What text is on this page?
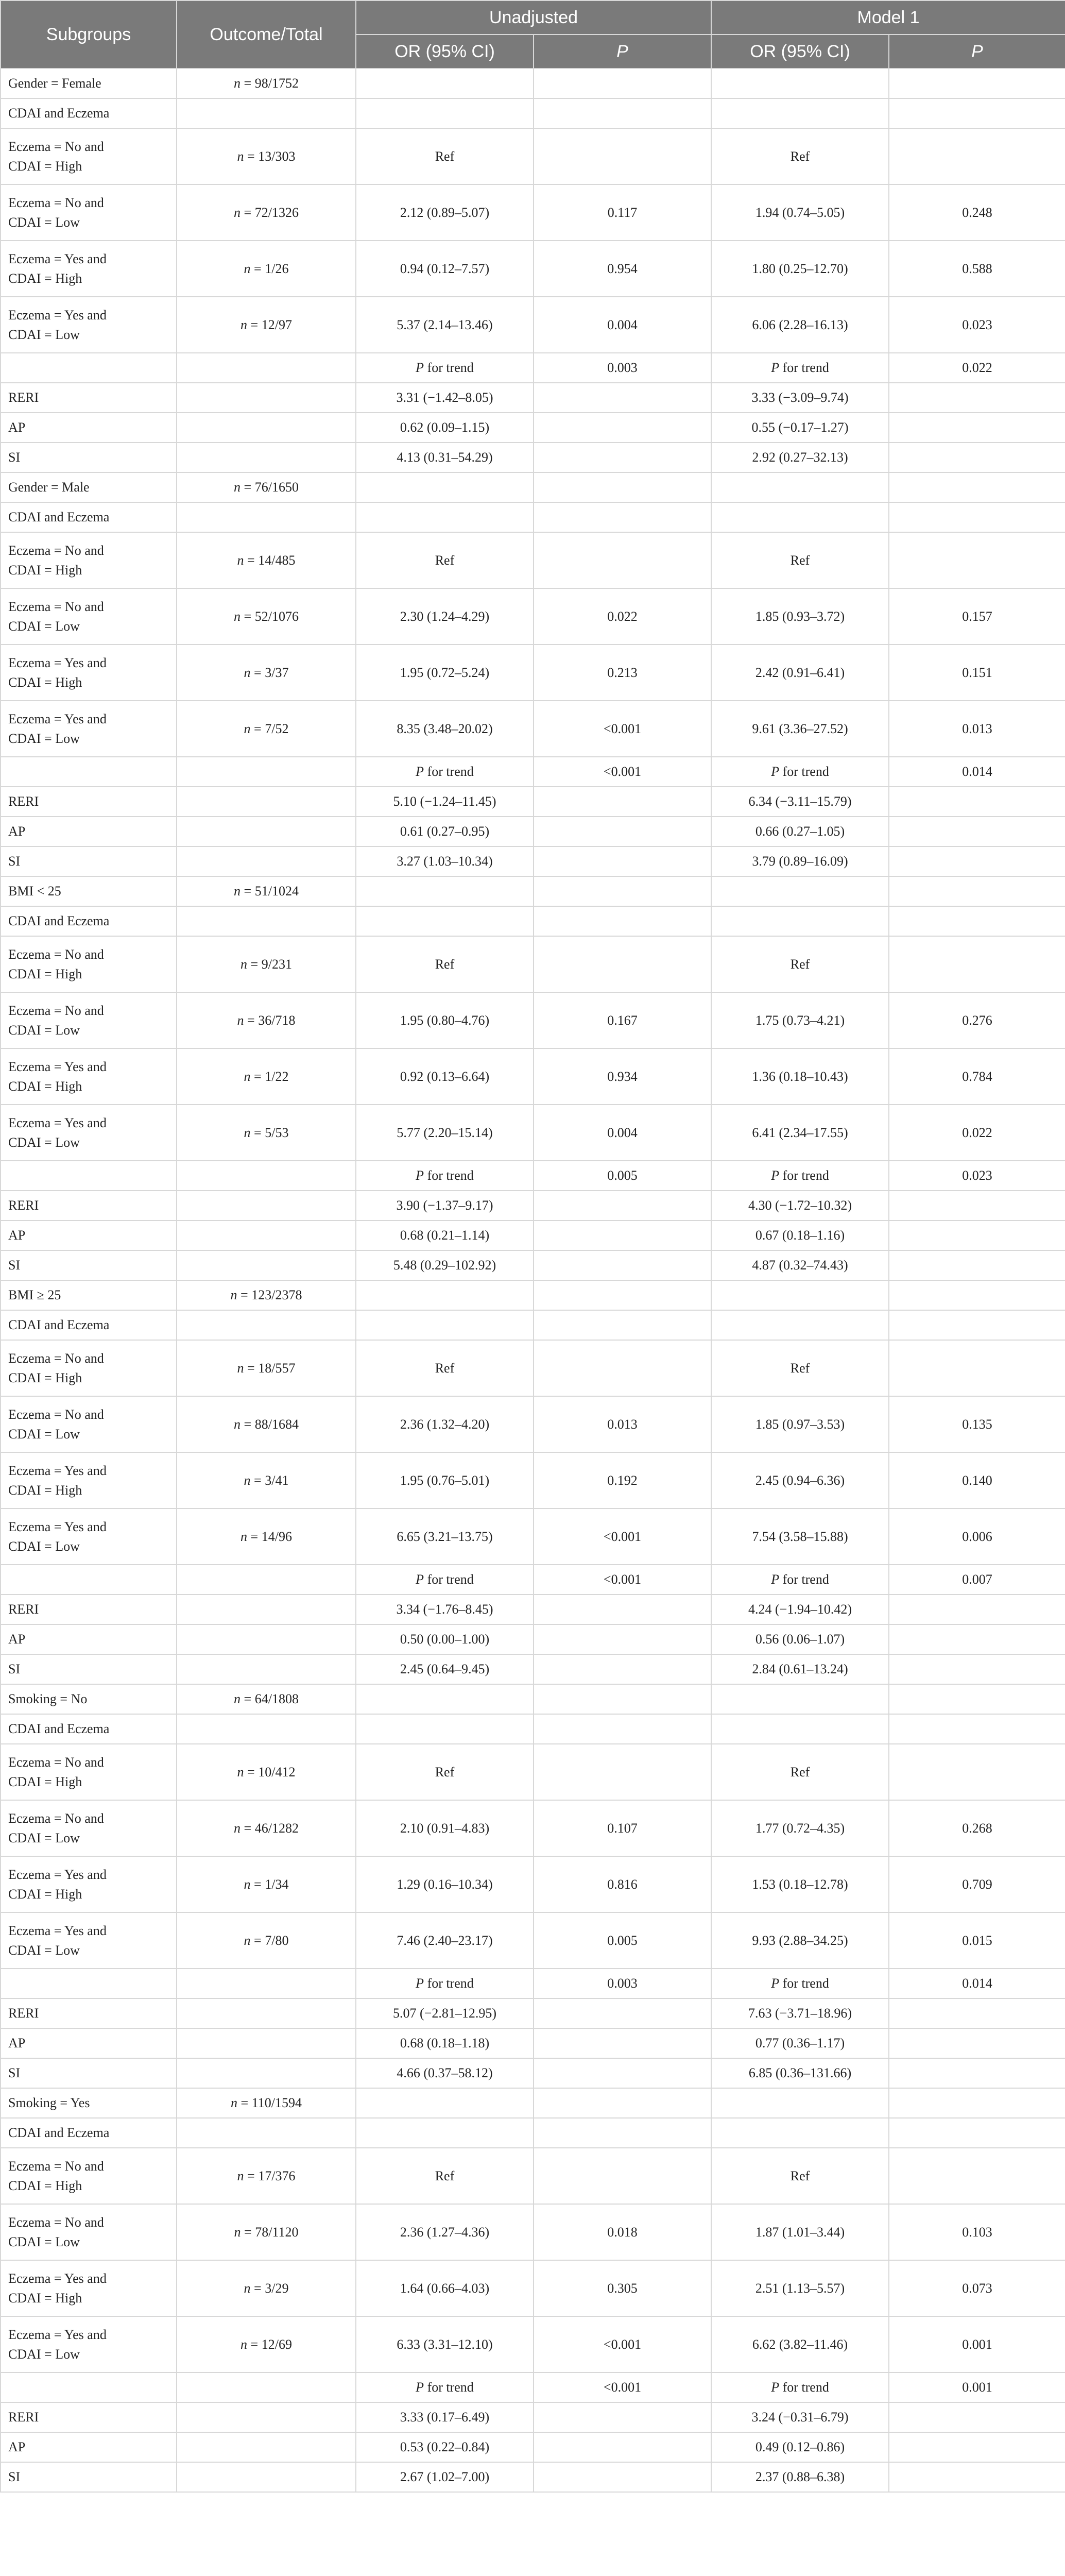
Subgroups	Outcome/Total	Unadjusted		Model 1	
		OR (95% CI)	P	OR (95% CI)	P
Gender = Female	n = 98/1752				
CDAI and Eczema					

Eczema = No and
CDAI = High	n = 13/303	Ref		Ref	

Eczema = No and
CDAI = Low	n = 72/1326	2.12 (0.89–5.07)	0.117	1.94 (0.74–5.05)	0.248

Eczema = Yes and
CDAI = High	n = 1/26	0.94 (0.12–7.57)	0.954	1.80 (0.25–12.70)	0.588

Eczema = Yes and
CDAI = Low	n = 12/97	5.37 (2.14–13.46)	0.004	6.06 (2.28–16.13)	0.023
		P for trend	0.003	P for trend	0.022
RERI		3.31 (−1.42–8.05)		3.33 (−3.09–9.74)	
AP		0.62 (0.09–1.15)		0.55 (−0.17–1.27)	
SI		4.13 (0.31–54.29)		2.92 (0.27–32.13)	
Gender = Male	n = 76/1650				
CDAI and Eczema					

Eczema = No and
CDAI = High	n = 14/485	Ref		Ref	

Eczema = No and
CDAI = Low	n = 52/1076	2.30 (1.24–4.29)	0.022	1.85 (0.93–3.72)	0.157

Eczema = Yes and
CDAI = High	n = 3/37	1.95 (0.72–5.24)	0.213	2.42 (0.91–6.41)	0.151

Eczema = Yes and
CDAI = Low	n = 7/52	8.35 (3.48–20.02)	<0.001	9.61 (3.36–27.52)	0.013
		P for trend	<0.001	P for trend	0.014
RERI		5.10 (−1.24–11.45)		6.34 (−3.11–15.79)	
AP		0.61 (0.27–0.95)		0.66 (0.27–1.05)	
SI		3.27 (1.03–10.34)		3.79 (0.89–16.09)	
BMI < 25	n = 51/1024				
CDAI and Eczema					

Eczema = No and
CDAI = High	n = 9/231	Ref		Ref	

Eczema = No and
CDAI = Low	n = 36/718	1.95 (0.80–4.76)	0.167	1.75 (0.73–4.21)	0.276

Eczema = Yes and
CDAI = High	n = 1/22	0.92 (0.13–6.64)	0.934	1.36 (0.18–10.43)	0.784

Eczema = Yes and
CDAI = Low	n = 5/53	5.77 (2.20–15.14)	0.004	6.41 (2.34–17.55)	0.022
		P for trend	0.005	P for trend	0.023
RERI		3.90 (−1.37–9.17)		4.30 (−1.72–10.32)	
AP		0.68 (0.21–1.14)		0.67 (0.18–1.16)	
SI		5.48 (0.29–102.92)		4.87 (0.32–74.43)	
BMI ≥ 25	n = 123/2378				
CDAI and Eczema					

Eczema = No and
CDAI = High	n = 18/557	Ref		Ref	

Eczema = No and
CDAI = Low	n = 88/1684	2.36 (1.32–4.20)	0.013	1.85 (0.97–3.53)	0.135

Eczema = Yes and
CDAI = High	n = 3/41	1.95 (0.76–5.01)	0.192	2.45 (0.94–6.36)	0.140

Eczema = Yes and
CDAI = Low	n = 14/96	6.65 (3.21–13.75)	<0.001	7.54 (3.58–15.88)	0.006
		P for trend	<0.001	P for trend	0.007
RERI		3.34 (−1.76–8.45)		4.24 (−1.94–10.42)	
AP		0.50 (0.00–1.00)		0.56 (0.06–1.07)	
SI		2.45 (0.64–9.45)		2.84 (0.61–13.24)	
Smoking = No	n = 64/1808				
CDAI and Eczema					

Eczema = No and
CDAI = High	n = 10/412	Ref		Ref	

Eczema = No and
CDAI = Low	n = 46/1282	2.10 (0.91–4.83)	0.107	1.77 (0.72–4.35)	0.268

Eczema = Yes and
CDAI = High	n = 1/34	1.29 (0.16–10.34)	0.816	1.53 (0.18–12.78)	0.709

Eczema = Yes and
CDAI = Low	n = 7/80	7.46 (2.40–23.17)	0.005	9.93 (2.88–34.25)	0.015
		P for trend	0.003	P for trend	0.014
RERI		5.07 (−2.81–12.95)		7.63 (−3.71–18.96)	
AP		0.68 (0.18–1.18)		0.77 (0.36–1.17)	
SI		4.66 (0.37–58.12)		6.85 (0.36–131.66)	
Smoking = Yes	n = 110/1594				
CDAI and Eczema					

Eczema = No and
CDAI = High	n = 17/376	Ref		Ref	

Eczema = No and
CDAI = Low	n = 78/1120	2.36 (1.27–4.36)	0.018	1.87 (1.01–3.44)	0.103

Eczema = Yes and
CDAI = High	n = 3/29	1.64 (0.66–4.03)	0.305	2.51 (1.13–5.57)	0.073

Eczema = Yes and
CDAI = Low	n = 12/69	6.33 (3.31–12.10)	<0.001	6.62 (3.82–11.46)	0.001
		P for trend	<0.001	P for trend	0.001
RERI		3.33 (0.17–6.49)		3.24 (−0.31–6.79)	
AP		0.53 (0.22–0.84)		0.49 (0.12–0.86)	
SI		2.67 (1.02–7.00)		2.37 (0.88–6.38)	
